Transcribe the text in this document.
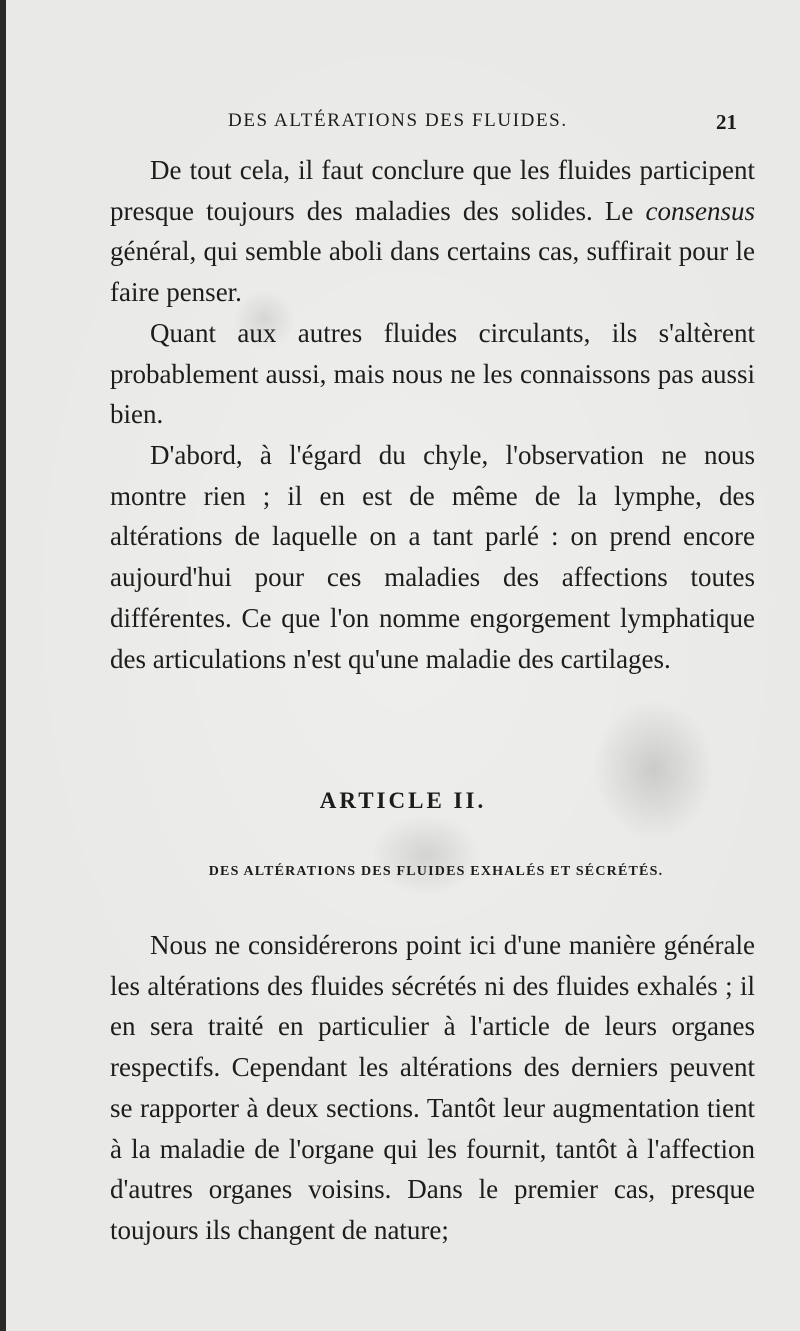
DES ALTÉRATIONS DES FLUIDES.	21

De tout cela, il faut conclure que les fluides participent presque toujours des maladies des solides. Le consensus général, qui semble aboli dans certains cas, suffirait pour le faire penser.

Quant aux autres fluides circulants, ils s'altèrent probablement aussi, mais nous ne les connaissons pas aussi bien.

D'abord, à l'égard du chyle, l'observation ne nous montre rien ; il en est de même de la lymphe, des altérations de laquelle on a tant parlé : on prend encore aujourd'hui pour ces maladies des affections toutes différentes. Ce que l'on nomme engorgement lymphatique des articulations n'est qu'une maladie des cartilages.

ARTICLE II.
DES ALTÉRATIONS DES FLUIDES EXHALÉS ET SÉCRÉTÉS.

Nous ne considérerons point ici d'une manière générale les altérations des fluides sécrétés ni des fluides exhalés ; il en sera traité en particulier à l'article de leurs organes respectifs. Cependant les altérations des derniers peuvent se rapporter à deux sections. Tantôt leur augmentation tient à la maladie de l'organe qui les fournit, tantôt à l'affection d'autres organes voisins. Dans le premier cas, presque toujours ils changent de nature;
